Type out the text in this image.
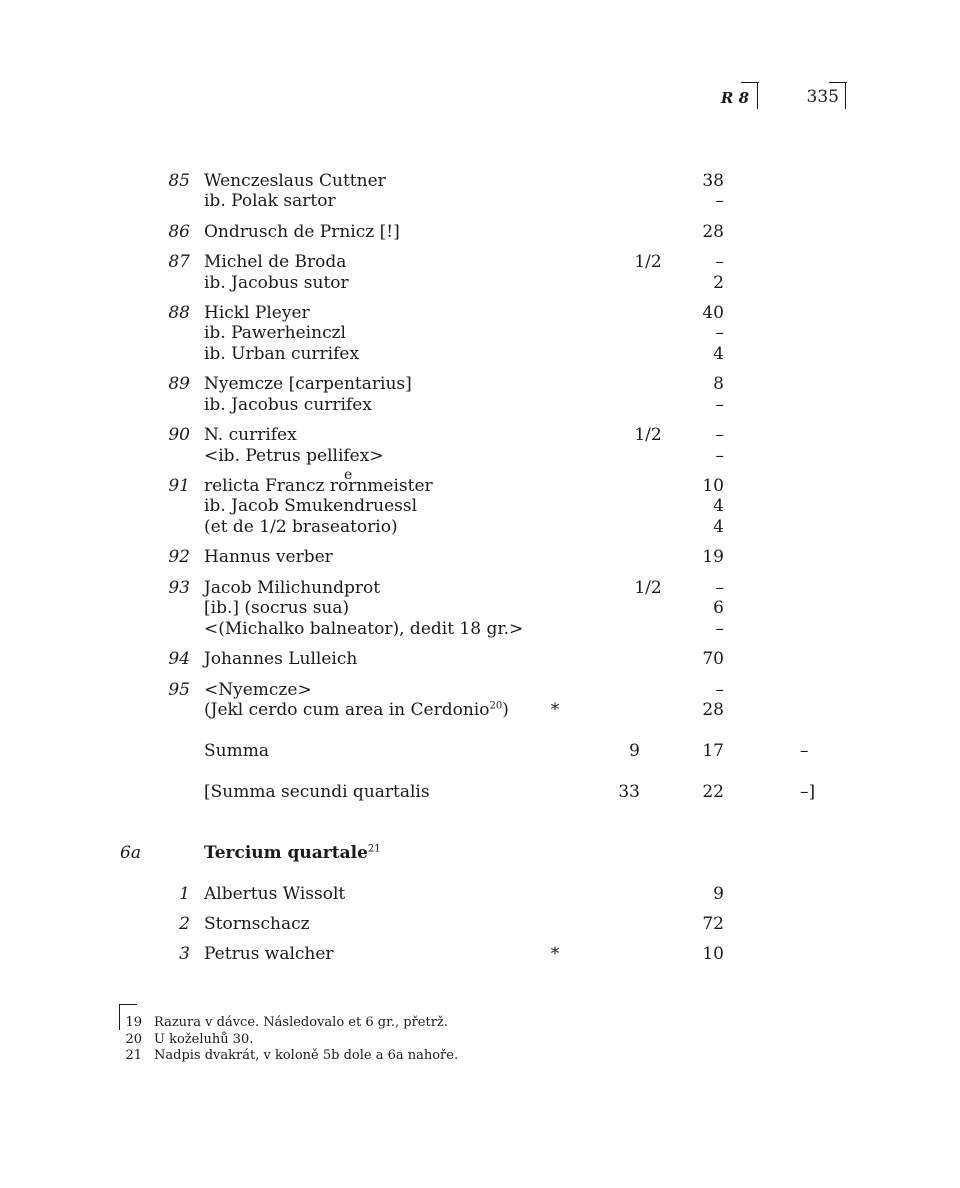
R 8	335
85 Wenczeslaus Cuttner	38
ib. Polak sartor	–
86 Ondrusch de Prnicz [!]	28
87 Michel de Broda	1/2	–
ib. Jacobus sutor	2
88 Hickl Pleyer	40
ib. Pawerheinczl	–
ib. Urban currifex	4
89 Nyemcze [carpentarius]	8
ib. Jacobus currifex	–
90 N. currifex	1/2	–
<ib. Petrus pellifex>	–
91 relicta Francz re ornmeister	10
ib. Jacob Smukendruessl	4
(et de 1/2 braseatorio)	4
92 Hannus verber	19
93 Jacob Milichundprot	1/2	–
[ib.] (socrus sua)	6
<(Michalko balneator), dedit 18 gr.>	–
94 Johannes Lulleich	70
95 <Nyemcze>	–
(Jekl cerdo cum area in Cerdonio$^{20}$)	*	28
Summa	9	17	–
[Summa secundi quartalis	33	22	–]
6a	Tercium quartale$^{21}$
1 Albertus Wissolt	9
2 Stornschacz	72
3 Petrus walcher	*	10
19 Razura v dávce. Následovalo et 6 gr., přetrž.
20 U koželuhů 30.
21 Nadpis dvakrát, v koloně 5b dole a 6a nahoře.
